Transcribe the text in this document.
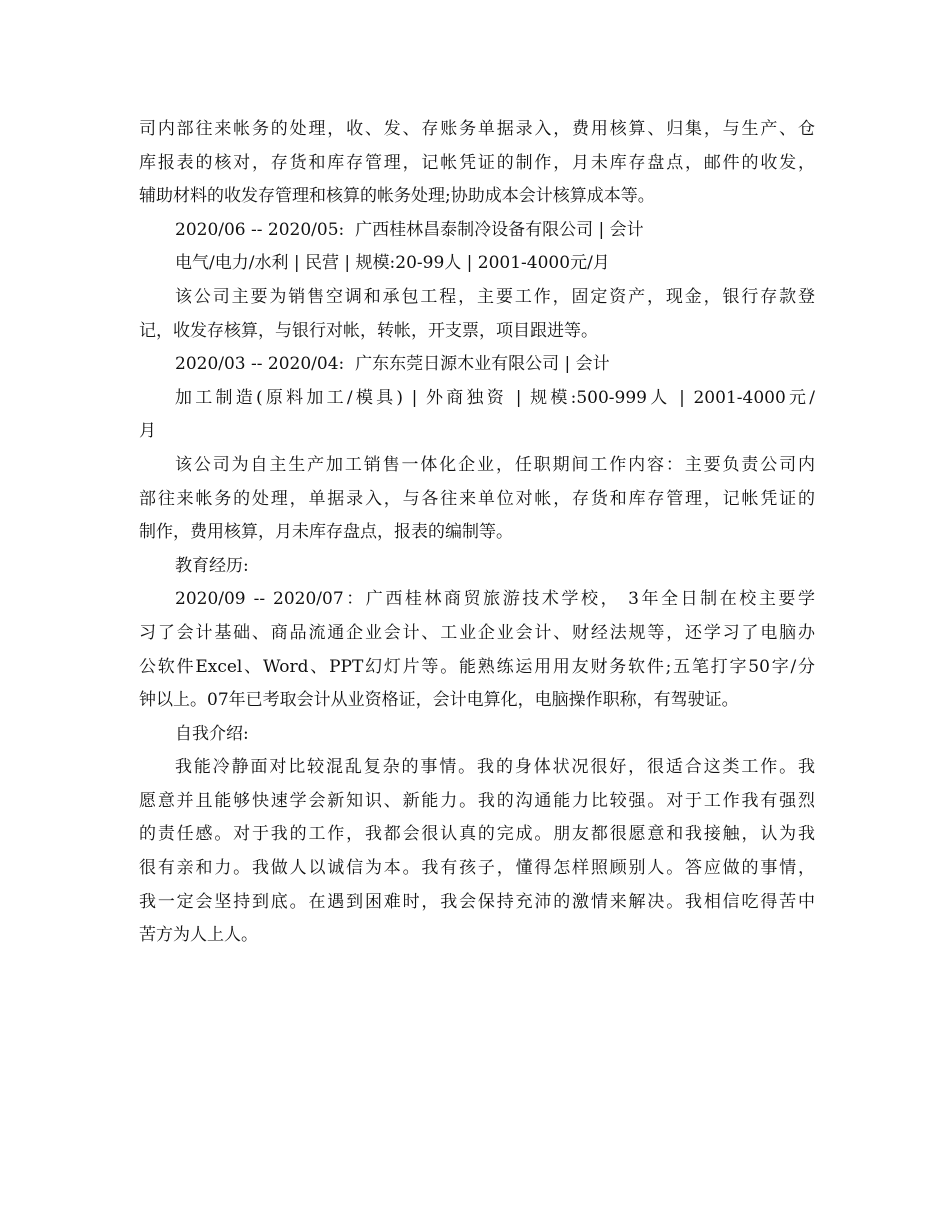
司内部往来帐务的处理，收、发、存账务单据录入，费用核算、归集，与生产、仓
库报表的核对，存货和库存管理，记帐凭证的制作，月未库存盘点，邮件的收发，
辅助材料的收发存管理和核算的帐务处理;协助成本会计核算成本等。
2020/06 -- 2020/05:  广西桂林昌泰制冷设备有限公司 | 会计
电气/电力/水利 | 民营 | 规模:20-99人 | 2001-4000元/月
该公司主要为销售空调和承包工程，主要工作，固定资产，现金，银行存款登
记，收发存核算，与银行对帐，转帐，开支票，项目跟进等。
2020/03 -- 2020/04:  广东东莞日源木业有限公司 | 会计
加工制造(原料加工/模具) | 外商独资 | 规模:500-999人 | 2001-4000元/
月
该公司为自主生产加工销售一体化企业，任职期间工作内容：主要负责公司内
部往来帐务的处理，单据录入，与各往来单位对帐，存货和库存管理，记帐凭证的
制作，费用核算，月未库存盘点，报表的编制等。
教育经历:
2020/09 -- 2020/07：广西桂林商贸旅游技术学校， 3年全日制在校主要学
习了会计基础、商品流通企业会计、工业企业会计、财经法规等，还学习了电脑办
公软件Excel、Word、PPT幻灯片等。能熟练运用用友财务软件;五笔打字50字/分
钟以上。07年已考取会计从业资格证，会计电算化，电脑操作职称，有驾驶证。
自我介绍:
我能冷静面对比较混乱复杂的事情。我的身体状况很好，很适合这类工作。我
愿意并且能够快速学会新知识、新能力。我的沟通能力比较强。对于工作我有强烈
的责任感。对于我的工作，我都会很认真的完成。朋友都很愿意和我接触，认为我
很有亲和力。我做人以诚信为本。我有孩子，懂得怎样照顾别人。答应做的事情，
我一定会坚持到底。在遇到困难时，我会保持充沛的激情来解决。我相信吃得苦中
苦方为人上人。
